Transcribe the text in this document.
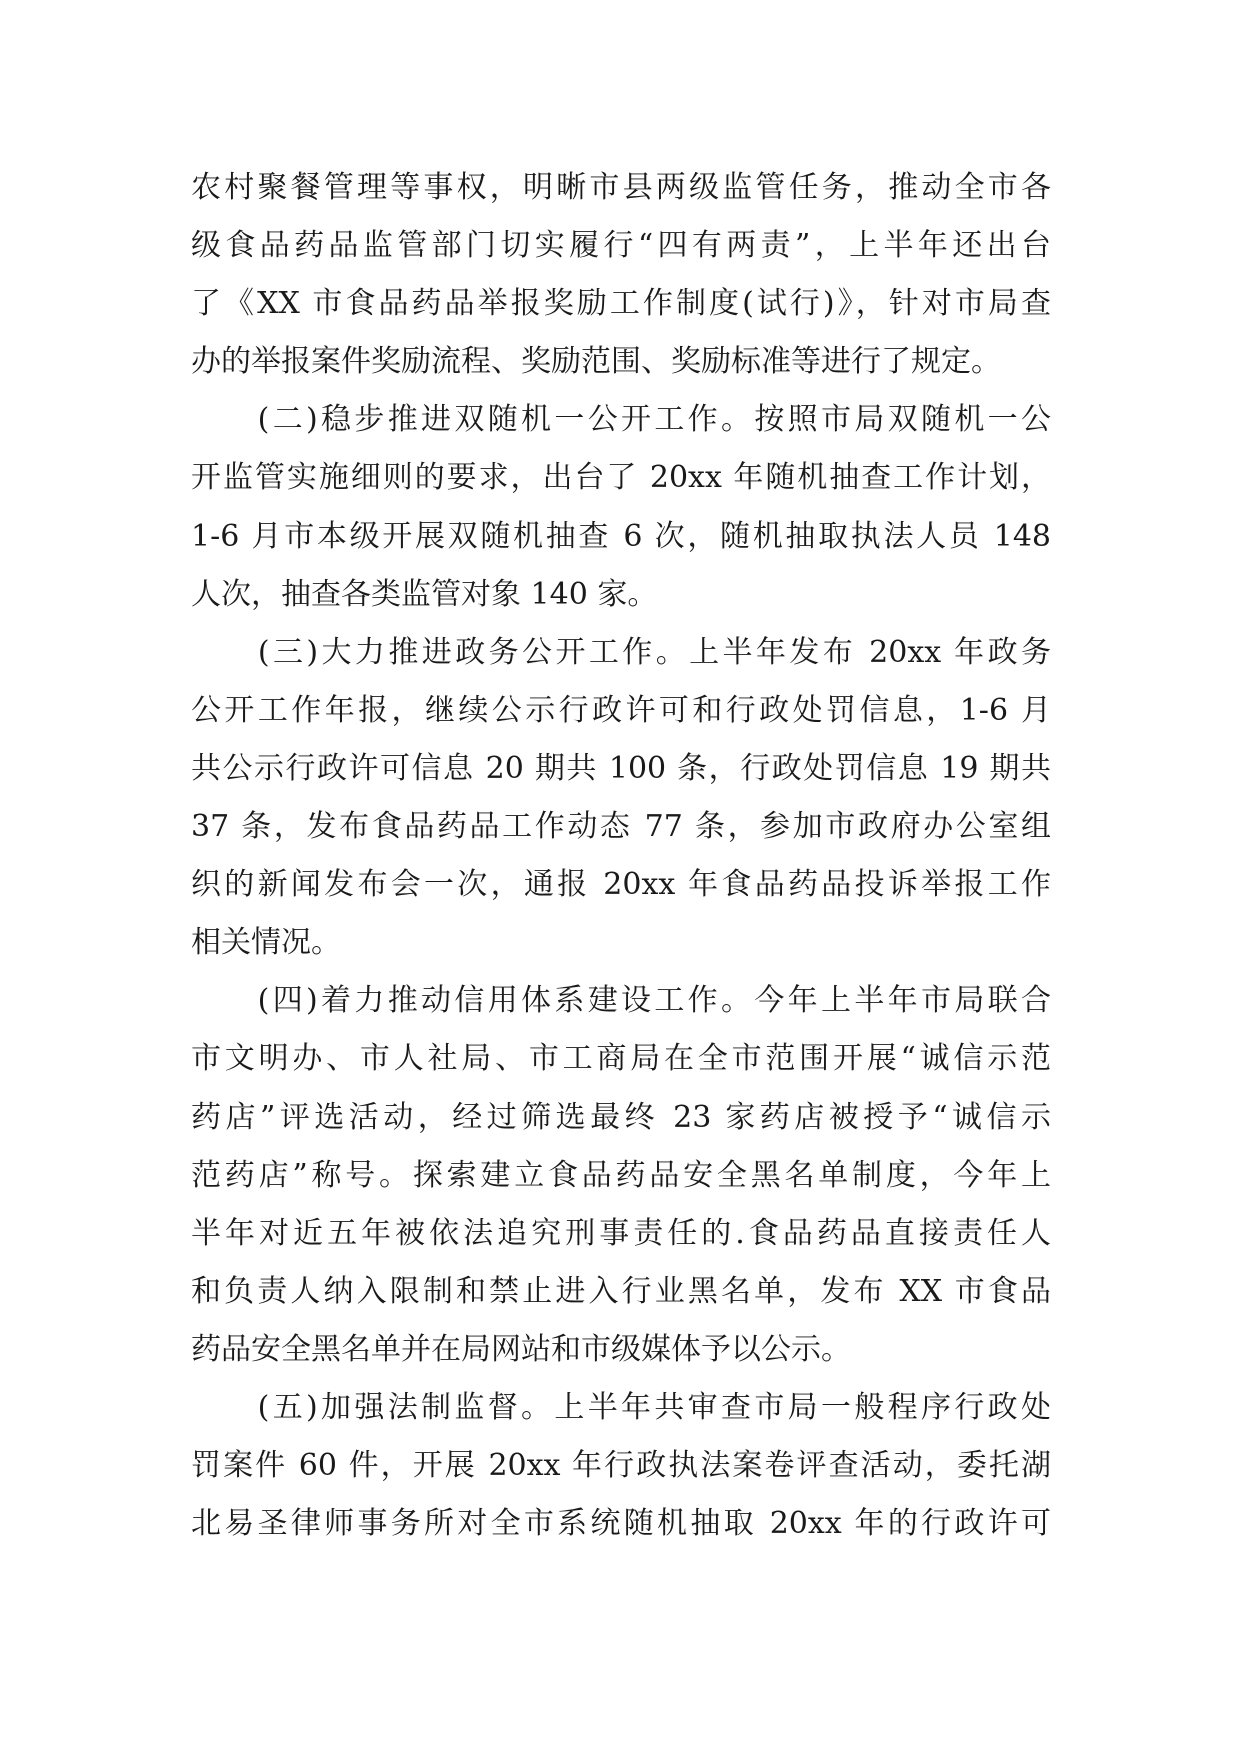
农村聚餐管理等事权，明晰市县两级监管任务，推动全市各
级食品药品监管部门切实履行“四有两责”，上半年还出台
了《XX 市食品药品举报奖励工作制度(试行)》，针对市局查
办的举报案件奖励流程、奖励范围、奖励标准等进行了规定。
　　(二)稳步推进双随机一公开工作。按照市局双随机一公
开监管实施细则的要求，出台了 20xx 年随机抽查工作计划，
1-6 月市本级开展双随机抽查 6 次，随机抽取执法人员 148
人次，抽查各类监管对象 140 家。
　　(三)大力推进政务公开工作。上半年发布 20xx 年政务
公开工作年报，继续公示行政许可和行政处罚信息，1-6 月
共公示行政许可信息 20 期共 100 条，行政处罚信息 19 期共
37 条，发布食品药品工作动态 77 条，参加市政府办公室组
织的新闻发布会一次，通报 20xx 年食品药品投诉举报工作
相关情况。
　　(四)着力推动信用体系建设工作。今年上半年市局联合
市文明办、市人社局、市工商局在全市范围开展“诚信示范
药店”评选活动，经过筛选最终 23 家药店被授予“诚信示
范药店”称号。探索建立食品药品安全黑名单制度，今年上
半年对近五年被依法追究刑事责任的.食品药品直接责任人
和负责人纳入限制和禁止进入行业黑名单，发布 XX 市食品
药品安全黑名单并在局网站和市级媒体予以公示。
　　(五)加强法制监督。上半年共审查市局一般程序行政处
罚案件 60 件，开展 20xx 年行政执法案卷评查活动，委托湖
北易圣律师事务所对全市系统随机抽取 20xx 年的行政许可
